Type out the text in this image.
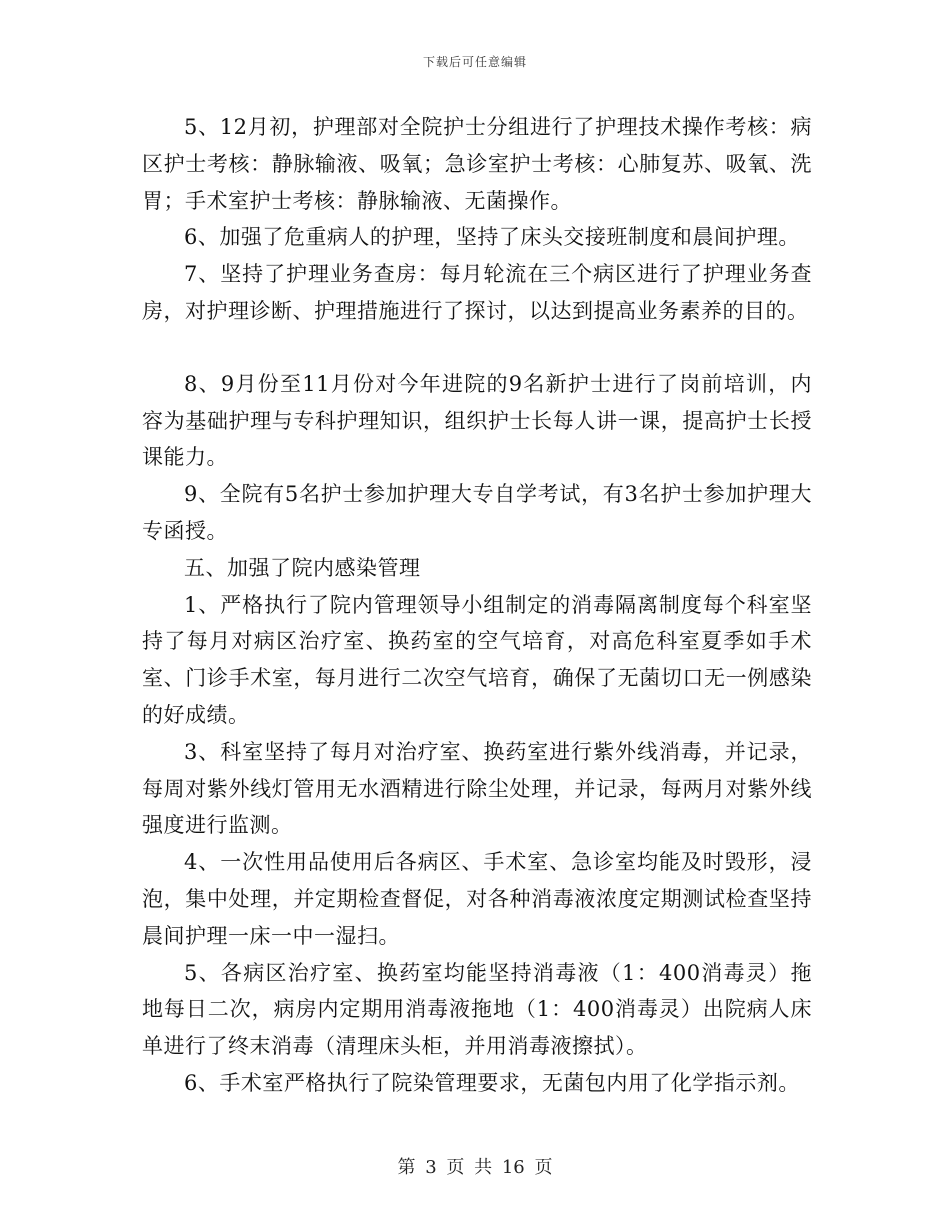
下载后可任意编辑

5、12月初，护理部对全院护士分组进行了护理技术操作考核：病区护士考核：静脉输液、吸氧；急诊室护士考核：心肺复苏、吸氧、洗胃；手术室护士考核：静脉输液、无菌操作。

6、加强了危重病人的护理，坚持了床头交接班制度和晨间护理。

7、坚持了护理业务查房：每月轮流在三个病区进行了护理业务查房，对护理诊断、护理措施进行了探讨，以达到提高业务素养的目的。

8、9月份至11月份对今年进院的9名新护士进行了岗前培训，内容为基础护理与专科护理知识，组织护士长每人讲一课，提高护士长授课能力。

9、全院有5名护士参加护理大专自学考试，有3名护士参加护理大专函授。

五、加强了院内感染管理

1、严格执行了院内管理领导小组制定的消毒隔离制度每个科室坚持了每月对病区治疗室、换药室的空气培育，对高危科室夏季如手术室、门诊手术室，每月进行二次空气培育，确保了无菌切口无一例感染的好成绩。

3、科室坚持了每月对治疗室、换药室进行紫外线消毒，并记录，每周对紫外线灯管用无水酒精进行除尘处理，并记录，每两月对紫外线强度进行监测。

4、一次性用品使用后各病区、手术室、急诊室均能及时毁形，浸泡，集中处理，并定期检查督促，对各种消毒液浓度定期测试检查坚持晨间护理一床一中一湿扫。

5、各病区治疗室、换药室均能坚持消毒液（1：400消毒灵）拖地每日二次，病房内定期用消毒液拖地（1：400消毒灵）出院病人床单进行了终末消毒（清理床头柜，并用消毒液擦拭）。

6、手术室严格执行了院染管理要求，无菌包内用了化学指示剂。

第 3 页 共 16 页
